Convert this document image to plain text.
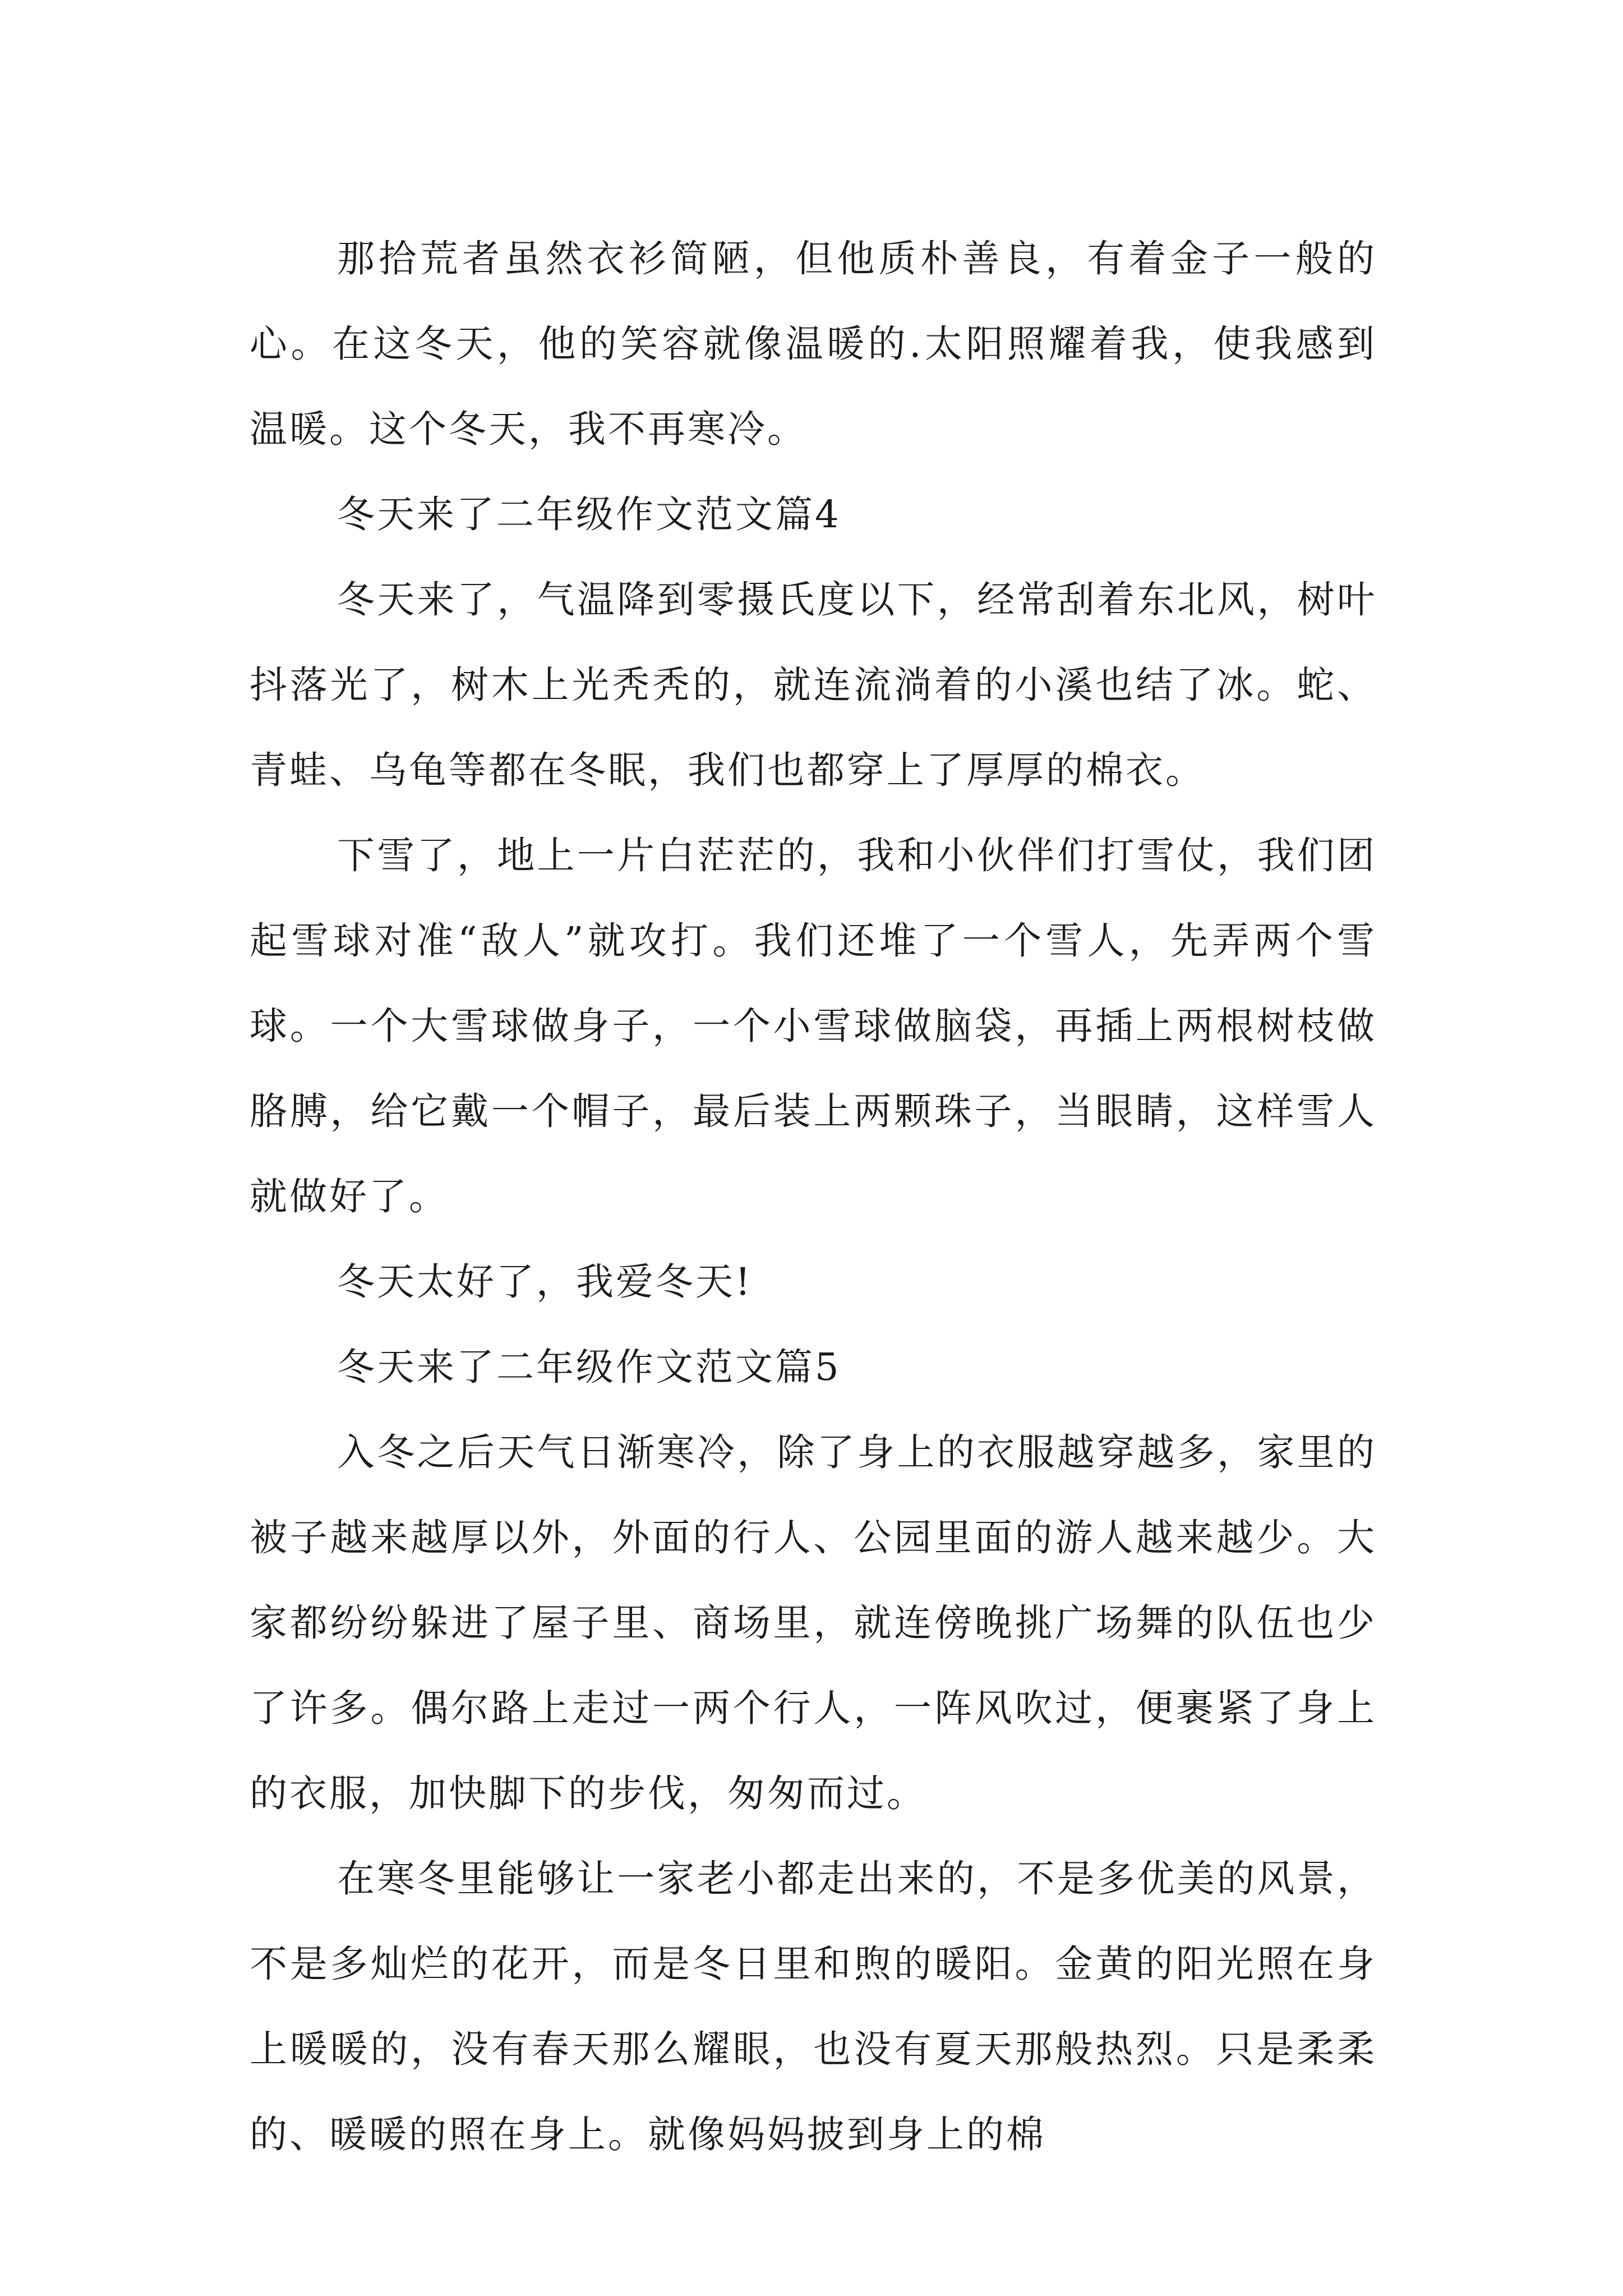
那拾荒者虽然衣衫简陋，但他质朴善良，有着金子一般的心。在这冬天，他的笑容就像温暖的.太阳照耀着我，使我感到温暖。这个冬天，我不再寒冷。

冬天来了二年级作文范文篇4

冬天来了，气温降到零摄氏度以下，经常刮着东北风，树叶抖落光了，树木上光秃秃的，就连流淌着的小溪也结了冰。蛇、青蛙、乌龟等都在冬眠，我们也都穿上了厚厚的棉衣。

下雪了，地上一片白茫茫的，我和小伙伴们打雪仗，我们团起雪球对准“敌人”就攻打。我们还堆了一个雪人，先弄两个雪球。一个大雪球做身子，一个小雪球做脑袋，再插上两根树枝做胳膊，给它戴一个帽子，最后装上两颗珠子，当眼睛，这样雪人就做好了。

冬天太好了，我爱冬天!

冬天来了二年级作文范文篇5

入冬之后天气日渐寒冷，除了身上的衣服越穿越多，家里的被子越来越厚以外，外面的行人、公园里面的游人越来越少。大家都纷纷躲进了屋子里、商场里，就连傍晚挑广场舞的队伍也少了许多。偶尔路上走过一两个行人，一阵风吹过，便裹紧了身上的衣服，加快脚下的步伐，匆匆而过。

在寒冬里能够让一家老小都走出来的，不是多优美的风景，不是多灿烂的花开，而是冬日里和煦的暖阳。金黄的阳光照在身上暖暖的，没有春天那么耀眼，也没有夏天那般热烈。只是柔柔的、暖暖的照在身上。就像妈妈披到身上的棉
